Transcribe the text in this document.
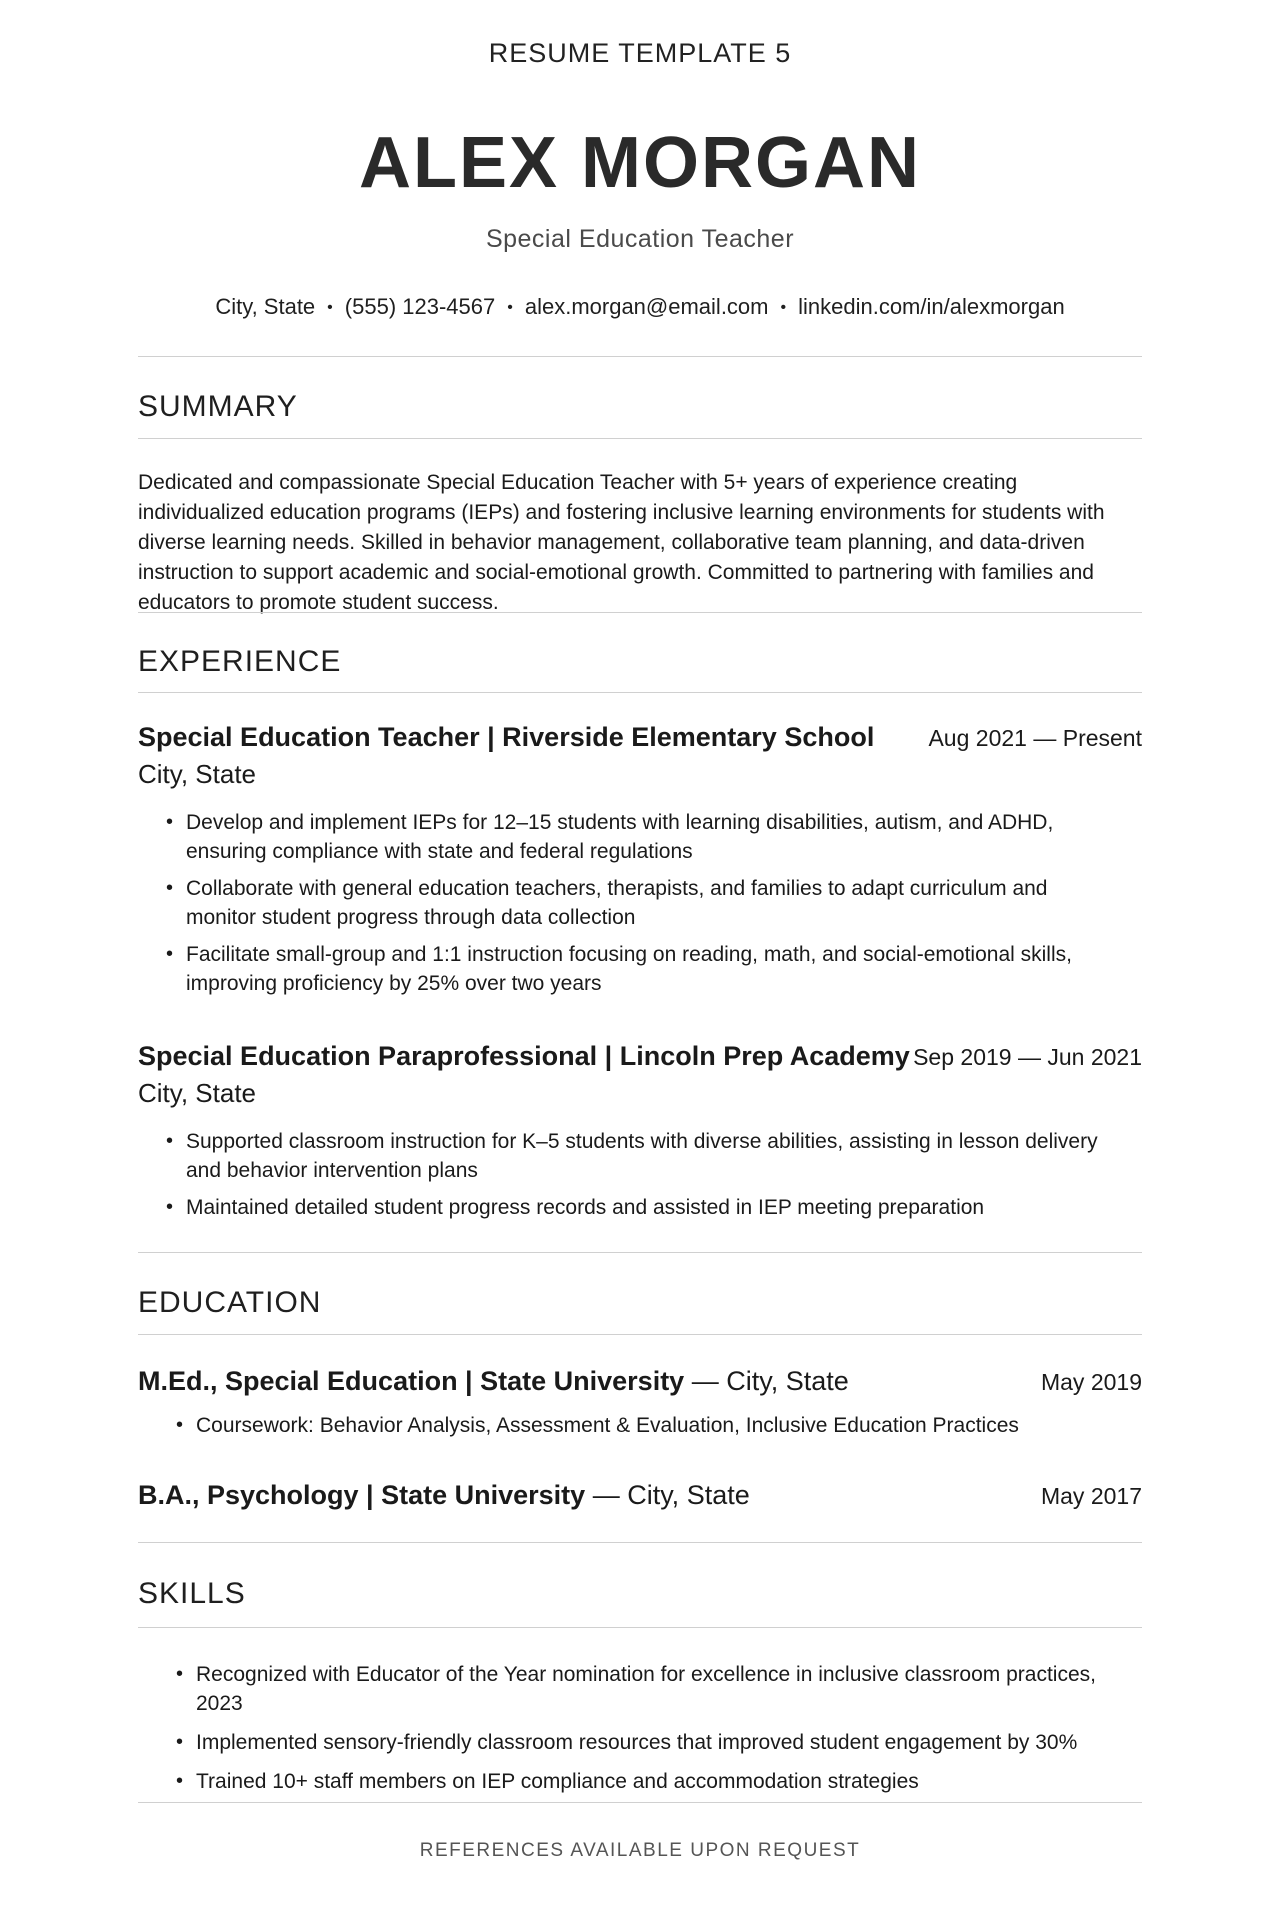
RESUME TEMPLATE 5
ALEX MORGAN
Special Education Teacher
City, State • (555) 123-4567 • alex.morgan@email.com • linkedin.com/in/alexmorgan
SUMMARY
Dedicated and compassionate Special Education Teacher with 5+ years of experience creating individualized education programs (IEPs) and fostering inclusive learning environments for students with diverse learning needs. Skilled in behavior management, collaborative team planning, and data-driven instruction to support academic and social-emotional growth. Committed to partnering with families and educators to promote student success.
EXPERIENCE
Special Education Teacher | Riverside Elementary School Aug 2021 — Present
City, State
• Develop and implement IEPs for 12–15 students with learning disabilities, autism, and ADHD, ensuring compliance with state and federal regulations
• Collaborate with general education teachers, therapists, and families to adapt curriculum and monitor student progress through data collection
• Facilitate small-group and 1:1 instruction focusing on reading, math, and social-emotional skills, improving proficiency by 25% over two years
Special Education Paraprofessional | Lincoln Prep Academy Sep 2019 — Jun 2021
City, State
• Supported classroom instruction for K–5 students with diverse abilities, assisting in lesson delivery and behavior intervention plans
• Maintained detailed student progress records and assisted in IEP meeting preparation
EDUCATION
M.Ed., Special Education | State University — City, State	May 2019
• Coursework: Behavior Analysis, Assessment & Evaluation, Inclusive Education Practices
B.A., Psychology | State University — City, State	May 2017
SKILLS
• Recognized with Educator of the Year nomination for excellence in inclusive classroom practices, 2023
• Implemented sensory-friendly classroom resources that improved student engagement by 30%
• Trained 10+ staff members on IEP compliance and accommodation strategies
REFERENCES AVAILABLE UPON REQUEST
